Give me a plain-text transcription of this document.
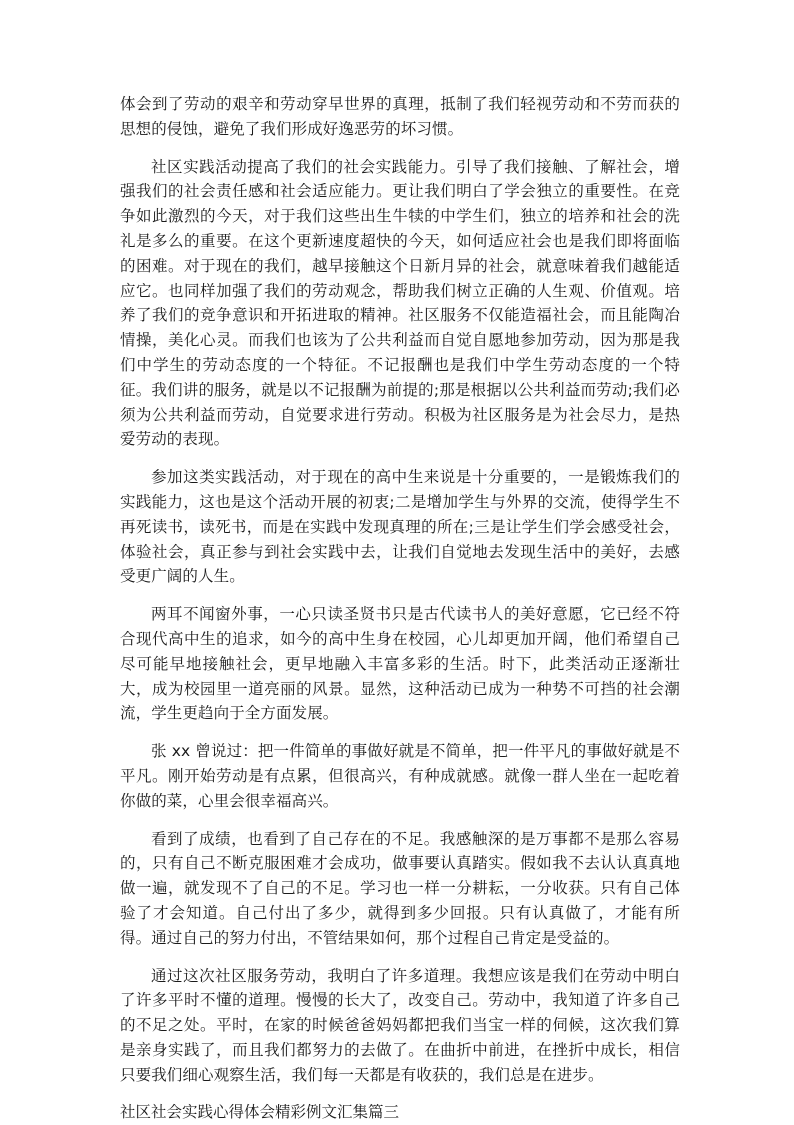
体会到了劳动的艰辛和劳动穿早世界的真理，抵制了我们轻视劳动和不劳而获的思想的侵蚀，避免了我们形成好逸恶劳的坏习惯。

社区实践活动提高了我们的社会实践能力。引导了我们接触、了解社会，增强我们的社会责任感和社会适应能力。更让我们明白了学会独立的重要性。在竞争如此激烈的今天，对于我们这些出生牛犊的中学生们，独立的培养和社会的洗礼是多么的重要。在这个更新速度超快的今天，如何适应社会也是我们即将面临的困难。对于现在的我们，越早接触这个日新月异的社会，就意味着我们越能适应它。也同样加强了我们的劳动观念，帮助我们树立正确的人生观、价值观。培养了我们的竞争意识和开拓进取的精神。社区服务不仅能造福社会，而且能陶冶情操，美化心灵。而我们也该为了公共利益而自觉自愿地参加劳动，因为那是我们中学生的劳动态度的一个特征。不记报酬也是我们中学生劳动态度的一个特征。我们讲的服务，就是以不记报酬为前提的;那是根据以公共利益而劳动;我们必须为公共利益而劳动，自觉要求进行劳动。积极为社区服务是为社会尽力，是热爱劳动的表现。

参加这类实践活动，对于现在的高中生来说是十分重要的，一是锻炼我们的实践能力，这也是这个活动开展的初衷;二是增加学生与外界的交流，使得学生不再死读书，读死书，而是在实践中发现真理的所在;三是让学生们学会感受社会，体验社会，真正参与到社会实践中去，让我们自觉地去发现生活中的美好，去感受更广阔的人生。

两耳不闻窗外事，一心只读圣贤书只是古代读书人的美好意愿，它已经不符合现代高中生的追求，如今的高中生身在校园，心儿却更加开阔，他们希望自己尽可能早地接触社会，更早地融入丰富多彩的生活。时下，此类活动正逐渐壮大，成为校园里一道亮丽的风景。显然，这种活动已成为一种势不可挡的社会潮流，学生更趋向于全方面发展。

张 xx 曾说过：把一件简单的事做好就是不简单，把一件平凡的事做好就是不平凡。刚开始劳动是有点累，但很高兴，有种成就感。就像一群人坐在一起吃着你做的菜，心里会很幸福高兴。

看到了成绩，也看到了自己存在的不足。我感触深的是万事都不是那么容易的，只有自己不断克服困难才会成功，做事要认真踏实。假如我不去认认真真地做一遍，就发现不了自己的不足。学习也一样一分耕耘，一分收获。只有自己体验了才会知道。自己付出了多少，就得到多少回报。只有认真做了，才能有所得。通过自己的努力付出，不管结果如何，那个过程自己肯定是受益的。

通过这次社区服务劳动，我明白了许多道理。我想应该是我们在劳动中明白了许多平时不懂的道理。慢慢的长大了，改变自己。劳动中，我知道了许多自己的不足之处。平时，在家的时候爸爸妈妈都把我们当宝一样的伺候，这次我们算是亲身实践了，而且我们都努力的去做了。在曲折中前进，在挫折中成长，相信只要我们细心观察生活，我们每一天都是有收获的，我们总是在进步。

社区社会实践心得体会精彩例文汇集篇三
